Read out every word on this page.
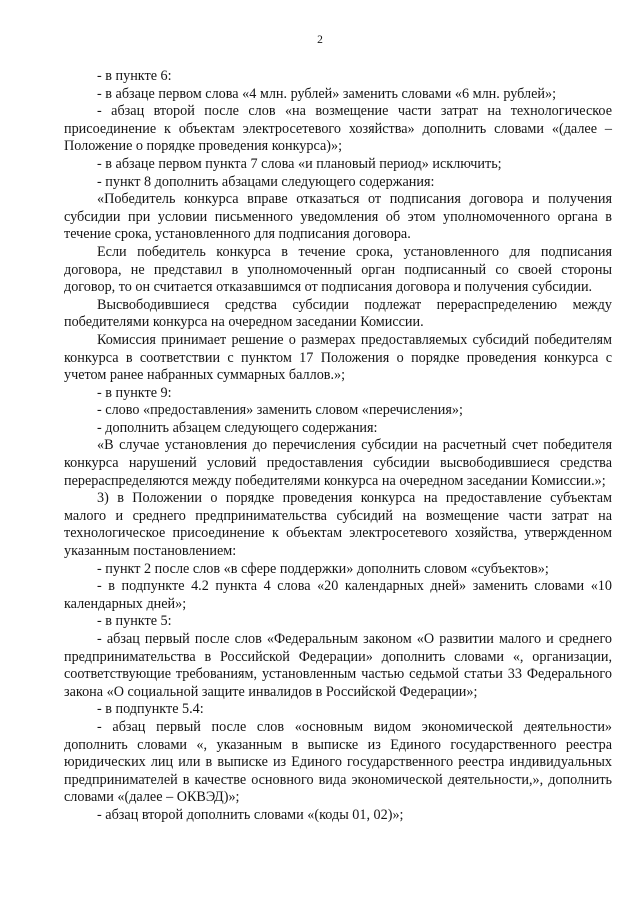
2

- в пункте 6:

- в абзаце первом слова «4 млн. рублей» заменить словами «6 млн. рублей»;

- абзац второй после слов «на возмещение части затрат на технологическое присоединение к объектам электросетевого хозяйства» дополнить словами «(далее – Положение о порядке проведения конкурса)»;

- в абзаце первом пункта 7 слова «и плановый период» исключить;

- пункт 8 дополнить абзацами следующего содержания:

«Победитель конкурса вправе отказаться от подписания договора и получения субсидии при условии письменного уведомления об этом уполномоченного органа в течение срока, установленного для подписания договора.

Если победитель конкурса в течение срока, установленного для подписания договора, не представил в уполномоченный орган подписанный со своей стороны договор, то он считается отказавшимся от подписания договора и получения субсидии.

Высвободившиеся средства субсидии подлежат перераспределению между победителями конкурса на очередном заседании Комиссии.

Комиссия принимает решение о размерах предоставляемых субсидий победителям конкурса в соответствии с пунктом 17 Положения о порядке проведения конкурса с учетом ранее набранных суммарных баллов.»;

- в пункте 9:

- слово «предоставления» заменить словом «перечисления»;

- дополнить абзацем следующего содержания:

«В случае установления до перечисления субсидии на расчетный счет победителя конкурса нарушений условий предоставления субсидии высвободившиеся средства перераспределяются между победителями конкурса на очередном заседании Комиссии.»;

3) в Положении о порядке проведения конкурса на предоставление субъектам малого и среднего предпринимательства субсидий на возмещение части затрат на технологическое присоединение к объектам электросетевого хозяйства, утвержденном указанным постановлением:

- пункт 2 после слов «в сфере поддержки» дополнить словом «субъектов»;

- в подпункте 4.2 пункта 4 слова «20 календарных дней» заменить словами «10 календарных дней»;

- в пункте 5:

- абзац первый после слов «Федеральным законом «О развитии малого и среднего предпринимательства в Российской Федерации» дополнить словами «, организации, соответствующие требованиям, установленным частью седьмой статьи 33 Федерального закона «О социальной защите инвалидов в Российской Федерации»;

- в подпункте 5.4:

- абзац первый после слов «основным видом экономической деятельности» дополнить словами «, указанным в выписке из Единого государственного реестра юридических лиц или в выписке из Единого государственного реестра индивидуальных предпринимателей в качестве основного вида экономической деятельности,», дополнить словами «(далее – ОКВЭД)»;

- абзац второй дополнить словами «(коды 01, 02)»;
